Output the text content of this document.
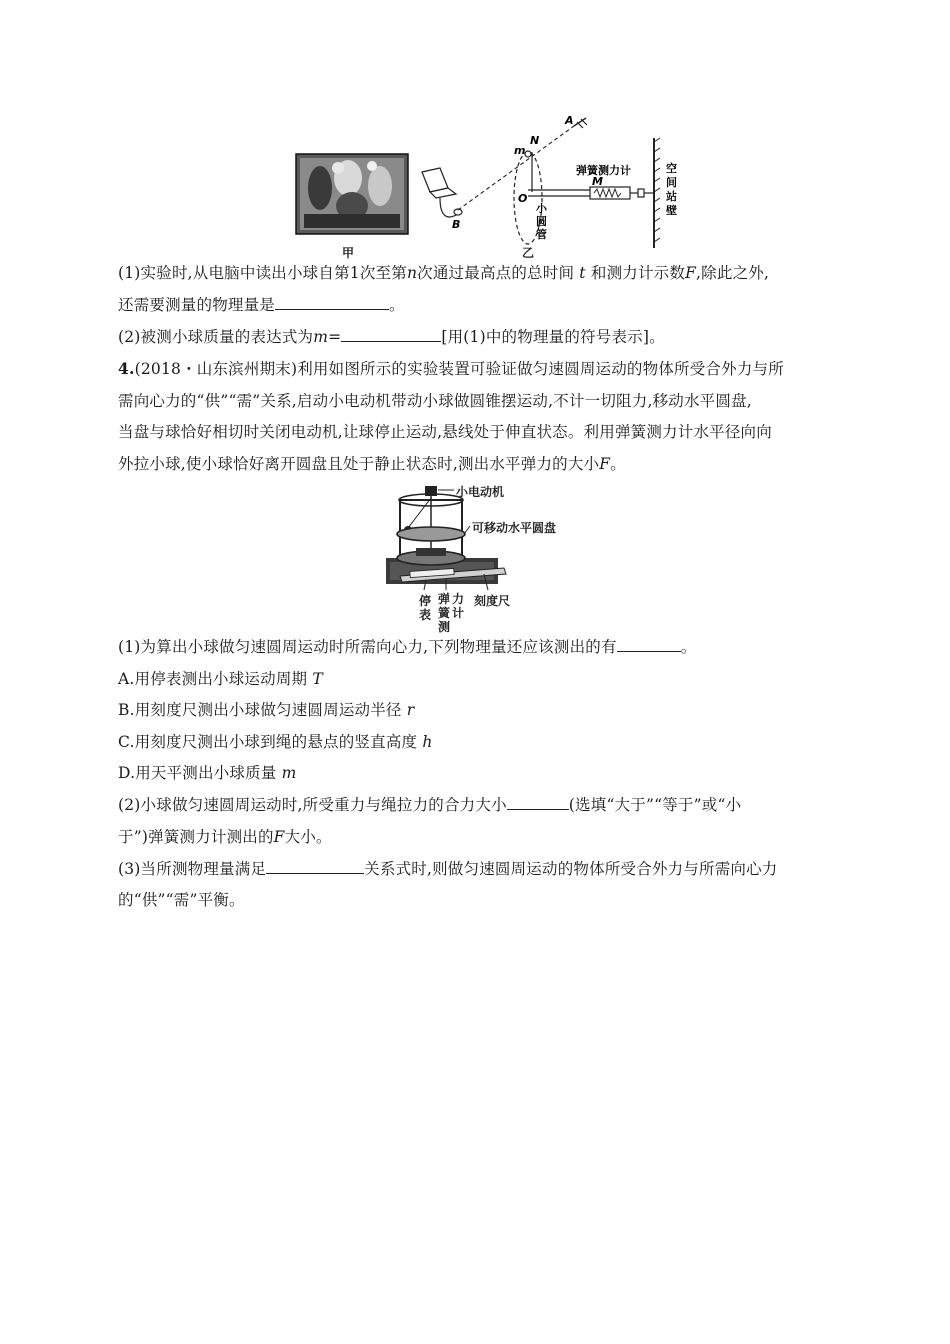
A
N
m
M
O
B
弹簧测力计
小
圆
管
空
间
站
壁
甲	乙
(1)实验时,从电脑中读出小球自第1次至第n次通过最高点的总时间 t 和测力计示数F,除此之外,
还需要测量的物理量是	。
(2)被测小球质量的表达式为m=	[用(1)中的物理量的符号表示]。
4.(2018・山东滨州期末)利用如图所示的实验装置可验证做匀速圆周运动的物体所受合外力与所
需向心力的“供”“需”关系,启动小电动机带动小球做圆锥摆运动,不计一切阻力,移动水平圆盘,
当盘与球恰好相切时关闭电动机,让球停止运动,悬线处于伸直状态。利用弹簧测力计水平径向向
外拉小球,使小球恰好离开圆盘且处于静止状态时,测出水平弹力的大小F。
小电动机
可移动水平圆盘
停
表
弹簧测
力计
刻度尺
(1)为算出小球做匀速圆周运动时所需向心力,下列物理量还应该测出的有	。
A.用停表测出小球运动周期 T
B.用刻度尺测出小球做匀速圆周运动半径 r
C.用刻度尺测出小球到绳的悬点的竖直高度 h
D.用天平测出小球质量 m
(2)小球做匀速圆周运动时,所受重力与绳拉力的合力大小	(选填“大于”“等于”或“小
于”)弹簧测力计测出的F大小。
(3)当所测物理量满足	关系式时,则做匀速圆周运动的物体所受合外力与所需向心力
的“供”“需”平衡。
